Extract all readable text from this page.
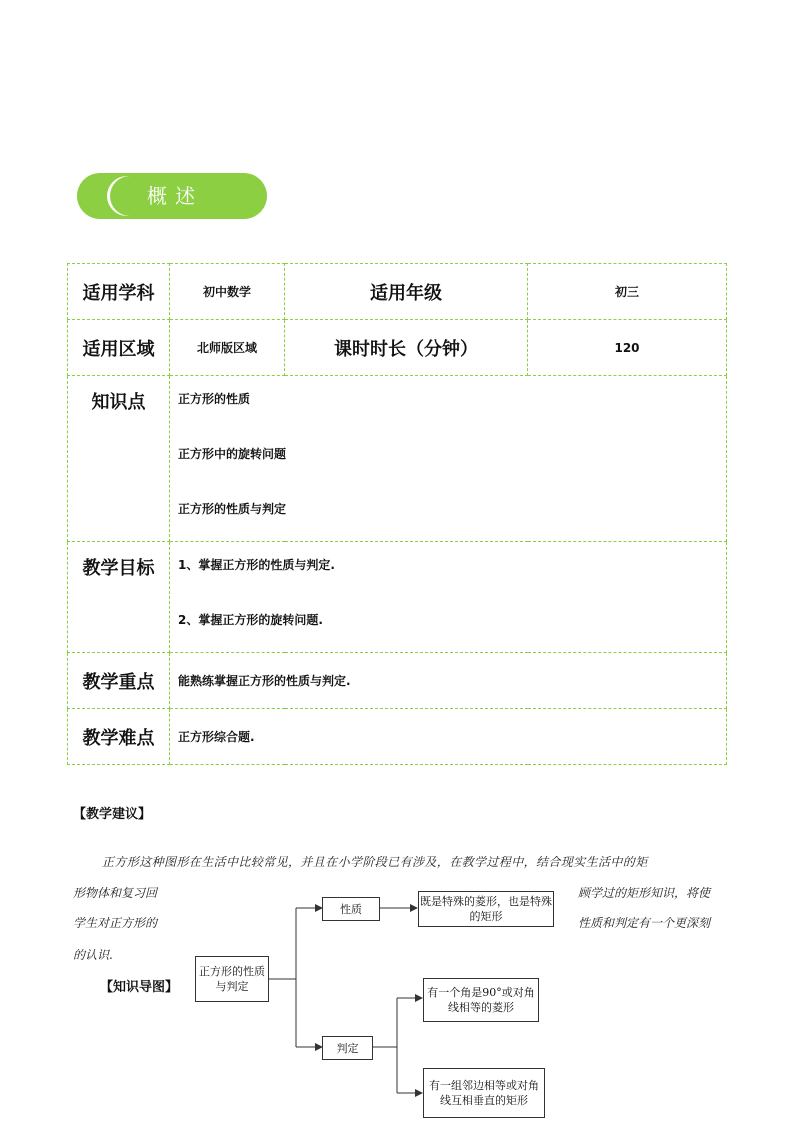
概述
适用学科	初中数学	适用年级	初三
适用区域	北师版区域	课时时长（分钟）	120
知识点	正方形的性质

正方形中的旋转问题

正方形的性质与判定		

教学目标	1、掌握正方形的性质与判定.

2、掌握正方形的旋转问题.		

教学重点	能熟练掌握正方形的性质与判定.		
教学难点	正方形综合题.		
【教学建议】
正方形这种图形在生活中比较常见，并且在小学阶段已有涉及，在教学过程中，结合现实生活中的矩
形物体和复习回	顾学过的矩形知识，将使
学生对正方形的	性质和判定有一个更深刻
的认识.
【知识导图】
正方形的性质与判定
性质
既是特殊的菱形，也是特殊的矩形
判定
有一个角是90°或对角线相等的菱形
有一组邻边相等或对角线互相垂直的矩形
